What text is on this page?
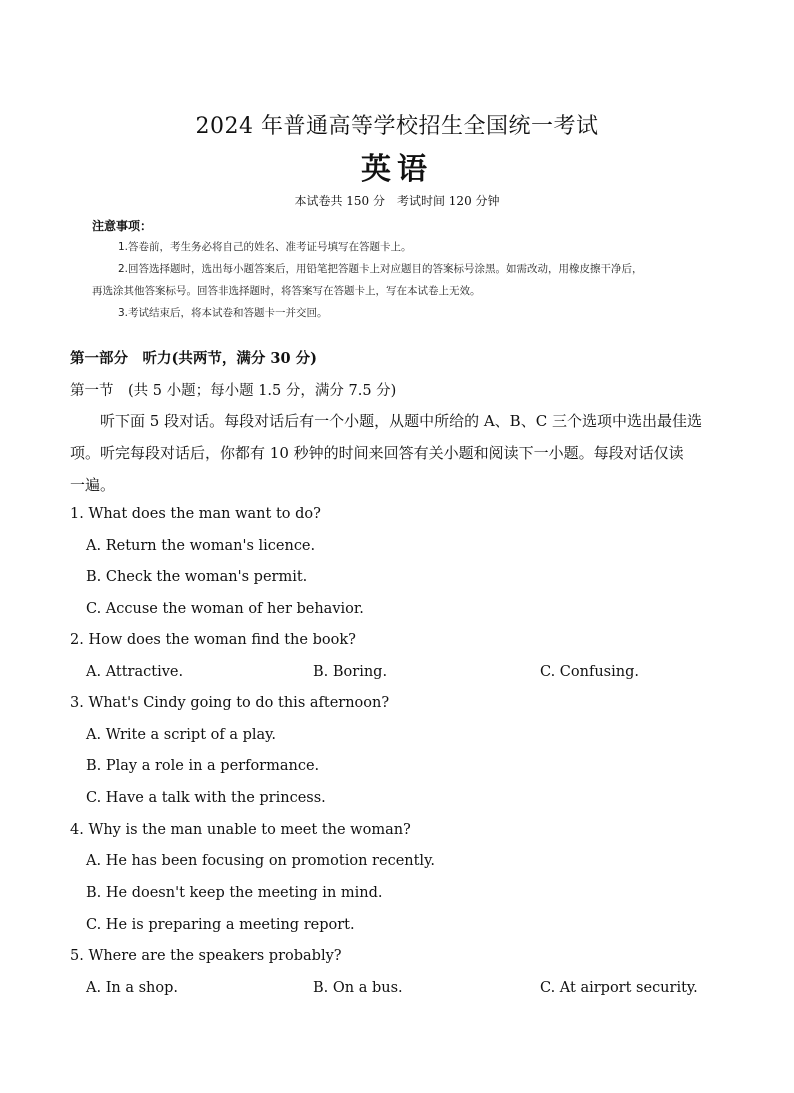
2024 年普通高等学校招生全国统一考试
英语
本试卷共 150 分　考试时间 120 分钟
注意事项：
1.答卷前，考生务必将自己的姓名、准考证号填写在答题卡上。
2.回答选择题时，选出每小题答案后，用铅笔把答题卡上对应题目的答案标号涂黑。如需改动，用橡皮擦干净后，
再选涂其他答案标号。回答非选择题时，将答案写在答题卡上，写在本试卷上无效。
3.考试结束后，将本试卷和答题卡一并交回。
第一部分　听力(共两节，满分 30 分)
第一节　(共 5 小题；每小题 1.5 分，满分 7.5 分)
　　听下面 5 段对话。每段对话后有一个小题，从题中所给的 A、B、C 三个选项中选出最佳选
项。听完每段对话后，你都有 10 秒钟的时间来回答有关小题和阅读下一小题。每段对话仅读
一遍。
1. What does the man want to do?
A. Return the woman's licence.
B. Check the woman's permit.
C. Accuse the woman of her behavior.
2. How does the woman find the book?
A. Attractive.	B. Boring.	C. Confusing.
3. What's Cindy going to do this afternoon?
A. Write a script of a play.
B. Play a role in a performance.
C. Have a talk with the princess.
4. Why is the man unable to meet the woman?
A. He has been focusing on promotion recently.
B. He doesn't keep the meeting in mind.
C. He is preparing a meeting report.
5. Where are the speakers probably?
A. In a shop.	B. On a bus.	C. At airport security.
